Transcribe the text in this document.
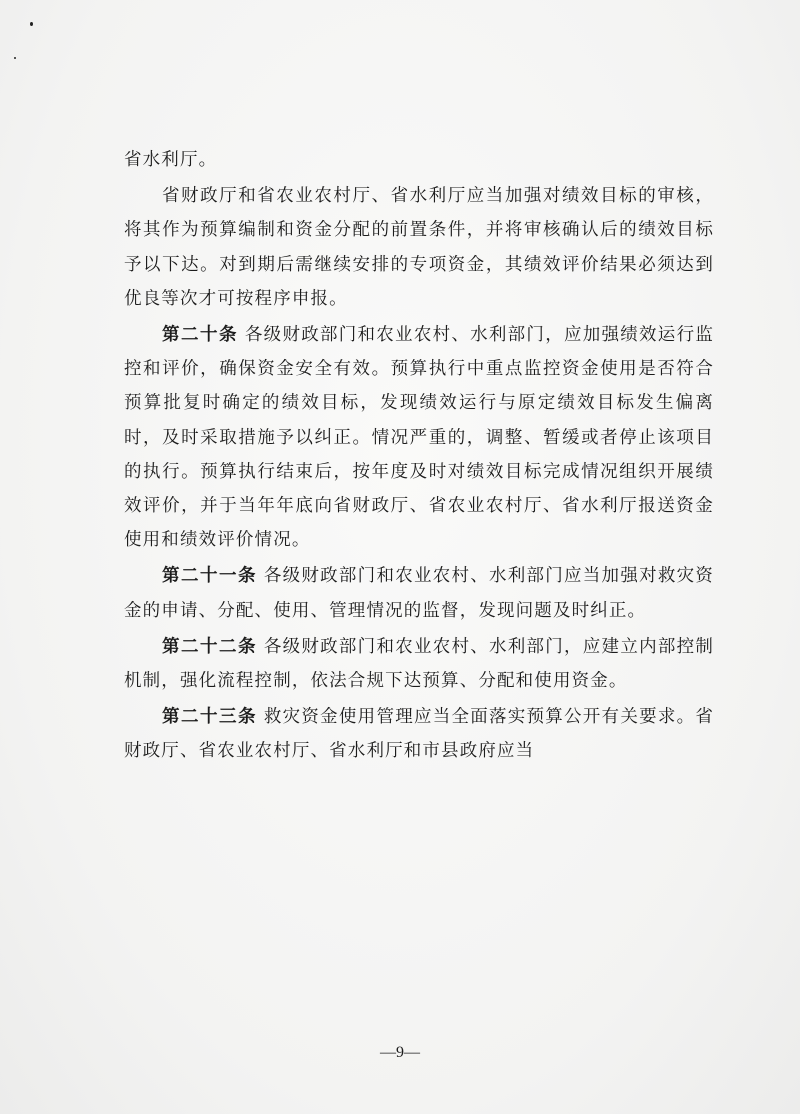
省水利厅。

省财政厅和省农业农村厅、省水利厅应当加强对绩效目标的审核，将其作为预算编制和资金分配的前置条件，并将审核确认后的绩效目标予以下达。对到期后需继续安排的专项资金，其绩效评价结果必须达到优良等次才可按程序申报。

第二十条 各级财政部门和农业农村、水利部门，应加强绩效运行监控和评价，确保资金安全有效。预算执行中重点监控资金使用是否符合预算批复时确定的绩效目标，发现绩效运行与原定绩效目标发生偏离时，及时采取措施予以纠正。情况严重的，调整、暂缓或者停止该项目的执行。预算执行结束后，按年度及时对绩效目标完成情况组织开展绩效评价，并于当年年底向省财政厅、省农业农村厅、省水利厅报送资金使用和绩效评价情况。

第二十一条 各级财政部门和农业农村、水利部门应当加强对救灾资金的申请、分配、使用、管理情况的监督，发现问题及时纠正。

第二十二条 各级财政部门和农业农村、水利部门，应建立内部控制机制，强化流程控制，依法合规下达预算、分配和使用资金。

第二十三条 救灾资金使用管理应当全面落实预算公开有关要求。省财政厅、省农业农村厅、省水利厅和市县政府应当

—9—
